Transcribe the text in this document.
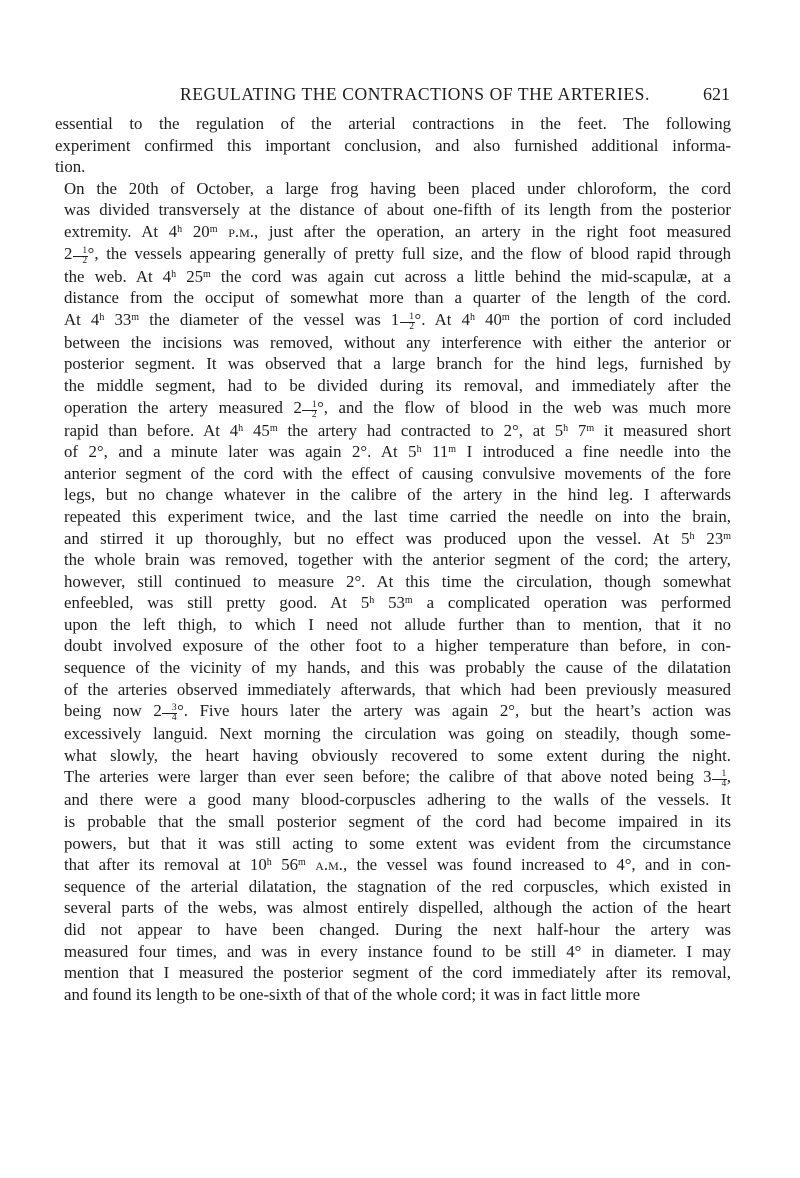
REGULATING THE CONTRACTIONS OF THE ARTERIES.	621

essential to the regulation of the arterial contractions in the feet. The following
experiment confirmed this important conclusion, and also furnished additional informa-
tion.

On the 20th of October, a large frog having been placed under chloroform, the cord
was divided transversely at the distance of about one-fifth of its length from the posterior
extremity. At 4$^h$ 20$^m$ p.m., just after the operation, an artery in the right foot measured
$2 \frac{1}{2}$ °, the vessels appearing generally of pretty full size, and the flow of blood rapid through
the web. At 4$^h$ 25$^m$ the cord was again cut across a little behind the mid-scapulæ, at a
distance from the occiput of somewhat more than a quarter of the length of the cord.
At 4$^h$ 33$^m$ the diameter of the vessel was $1 \frac{1}{2}$ °. At 4$^h$ 40$^m$ the portion of cord included
between the incisions was removed, without any interference with either the anterior or
posterior segment. It was observed that a large branch for the hind legs, furnished by
the middle segment, had to be divided during its removal, and immediately after the
operation the artery measured $2 \frac{1}{2}$ °, and the flow of blood in the web was much more
rapid than before. At 4$^h$ 45$^m$ the artery had contracted to 2°, at 5$^h$ 7$^m$ it measured short
of 2°, and a minute later was again 2°. At 5$^h$ 11$^m$ I introduced a fine needle into the
anterior segment of the cord with the effect of causing convulsive movements of the fore
legs, but no change whatever in the calibre of the artery in the hind leg. I afterwards
repeated this experiment twice, and the last time carried the needle on into the brain,
and stirred it up thoroughly, but no effect was produced upon the vessel. At 5$^h$ 23$^m$
the whole brain was removed, together with the anterior segment of the cord; the artery,
however, still continued to measure 2°. At this time the circulation, though somewhat
enfeebled, was still pretty good. At 5$^h$ 53$^m$ a complicated operation was performed
upon the left thigh, to which I need not allude further than to mention, that it no
doubt involved exposure of the other foot to a higher temperature than before, in con-
sequence of the vicinity of my hands, and this was probably the cause of the dilatation
of the arteries observed immediately afterwards, that which had been previously measured
being now $2 \frac{3}{4}$ °. Five hours later the artery was again 2°, but the heart’s action was
excessively languid. Next morning the circulation was going on steadily, though some-
what slowly, the heart having obviously recovered to some extent during the night.
The arteries were larger than ever seen before; the calibre of that above noted being $3 \frac{1}{4}$ ,
and there were a good many blood-corpuscles adhering to the walls of the vessels. It
is probable that the small posterior segment of the cord had become impaired in its
powers, but that it was still acting to some extent was evident from the circumstance
that after its removal at 10$^h$ 56$^m$ a.m., the vessel was found increased to 4°, and in con-
sequence of the arterial dilatation, the stagnation of the red corpuscles, which existed in
several parts of the webs, was almost entirely dispelled, although the action of the heart
did not appear to have been changed. During the next half-hour the artery was
measured four times, and was in every instance found to be still 4° in diameter. I may
mention that I measured the posterior segment of the cord immediately after its removal,
and found its length to be one-sixth of that of the whole cord; it was in fact little more
